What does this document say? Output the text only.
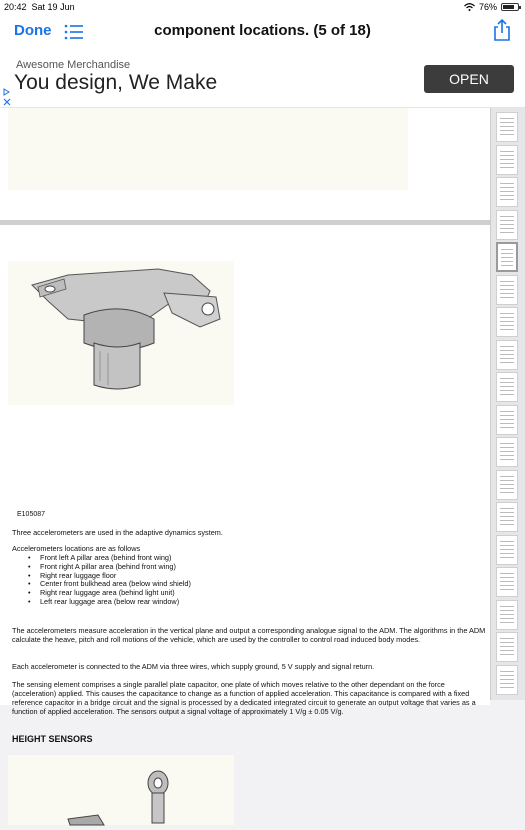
20:42 Sat 19 Jun	76%
Done	component locations. (5 of 18)
Awesome Merchandise
You design, We Make	OPEN
E105087
Three accelerometers are used in the adaptive dynamics system.
Accelerometers locations are as follows
• Front left A pillar area (behind front wing)
• Front right A pillar area (behind front wing)
• Right rear luggage floor
• Center front bulkhead area (below wind shield)
• Right rear luggage area (behind light unit)
• Left rear luggage area (below rear window)
The accelerometers measure acceleration in the vertical plane and output a corresponding analogue signal to the ADM. The algorithms in the ADM calculate the heave, pitch and roll motions of the vehicle, which are used by the controller to control road induced body modes.
Each accelerometer is connected to the ADM via three wires, which supply ground, 5 V supply and signal return.
The sensing element comprises a single parallel plate capacitor, one plate of which moves relative to the other dependant on the force (acceleration) applied. This causes the capacitance to change as a function of applied acceleration. This capacitance is compared with a fixed reference capacitor in a bridge circuit and the signal is processed by a dedicated integrated circuit to generate an output voltage that varies as a function of applied acceleration. The sensors output a signal voltage of approximately 1 V/g ± 0.05 V/g.
HEIGHT SENSORS
